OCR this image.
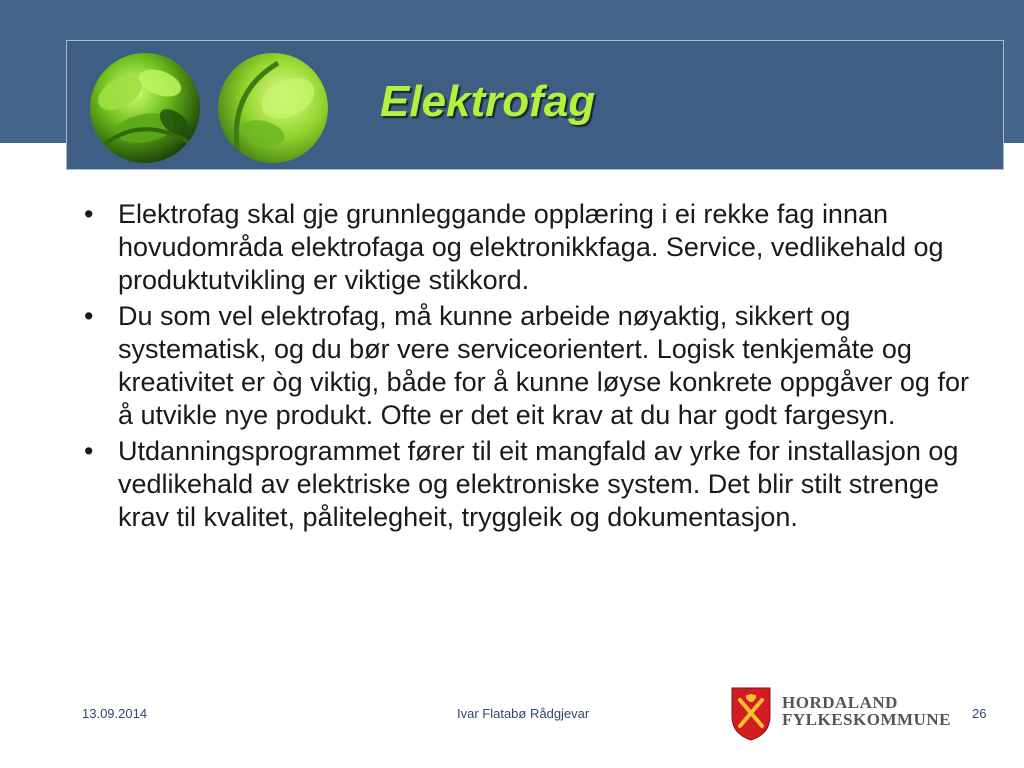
Elektrofag
• Elektrofag skal gje grunnleggande opplæring i ei rekke fag innan hovudområda elektrofaga og elektronikkfaga. Service, vedlikehald og produktutvikling er viktige stikkord.
• Du som vel elektrofag, må kunne arbeide nøyaktig, sikkert og systematisk, og du bør vere serviceorientert. Logisk tenkjemåte og kreativitet er òg viktig, både for å kunne løyse konkrete oppgåver og for å utvikle nye produkt. Ofte er det eit krav at du har godt fargesyn.
• Utdanningsprogrammet fører til eit mangfald av yrke for installasjon og vedlikehald av elektriske og elektroniske system. Det blir stilt strenge krav til kvalitet, pålitelegheit, tryggleik og dokumentasjon.
13.09.2014	Ivar Flatabø Rådgjevar
HORDALAND
FYLKESKOMMUNE 26
